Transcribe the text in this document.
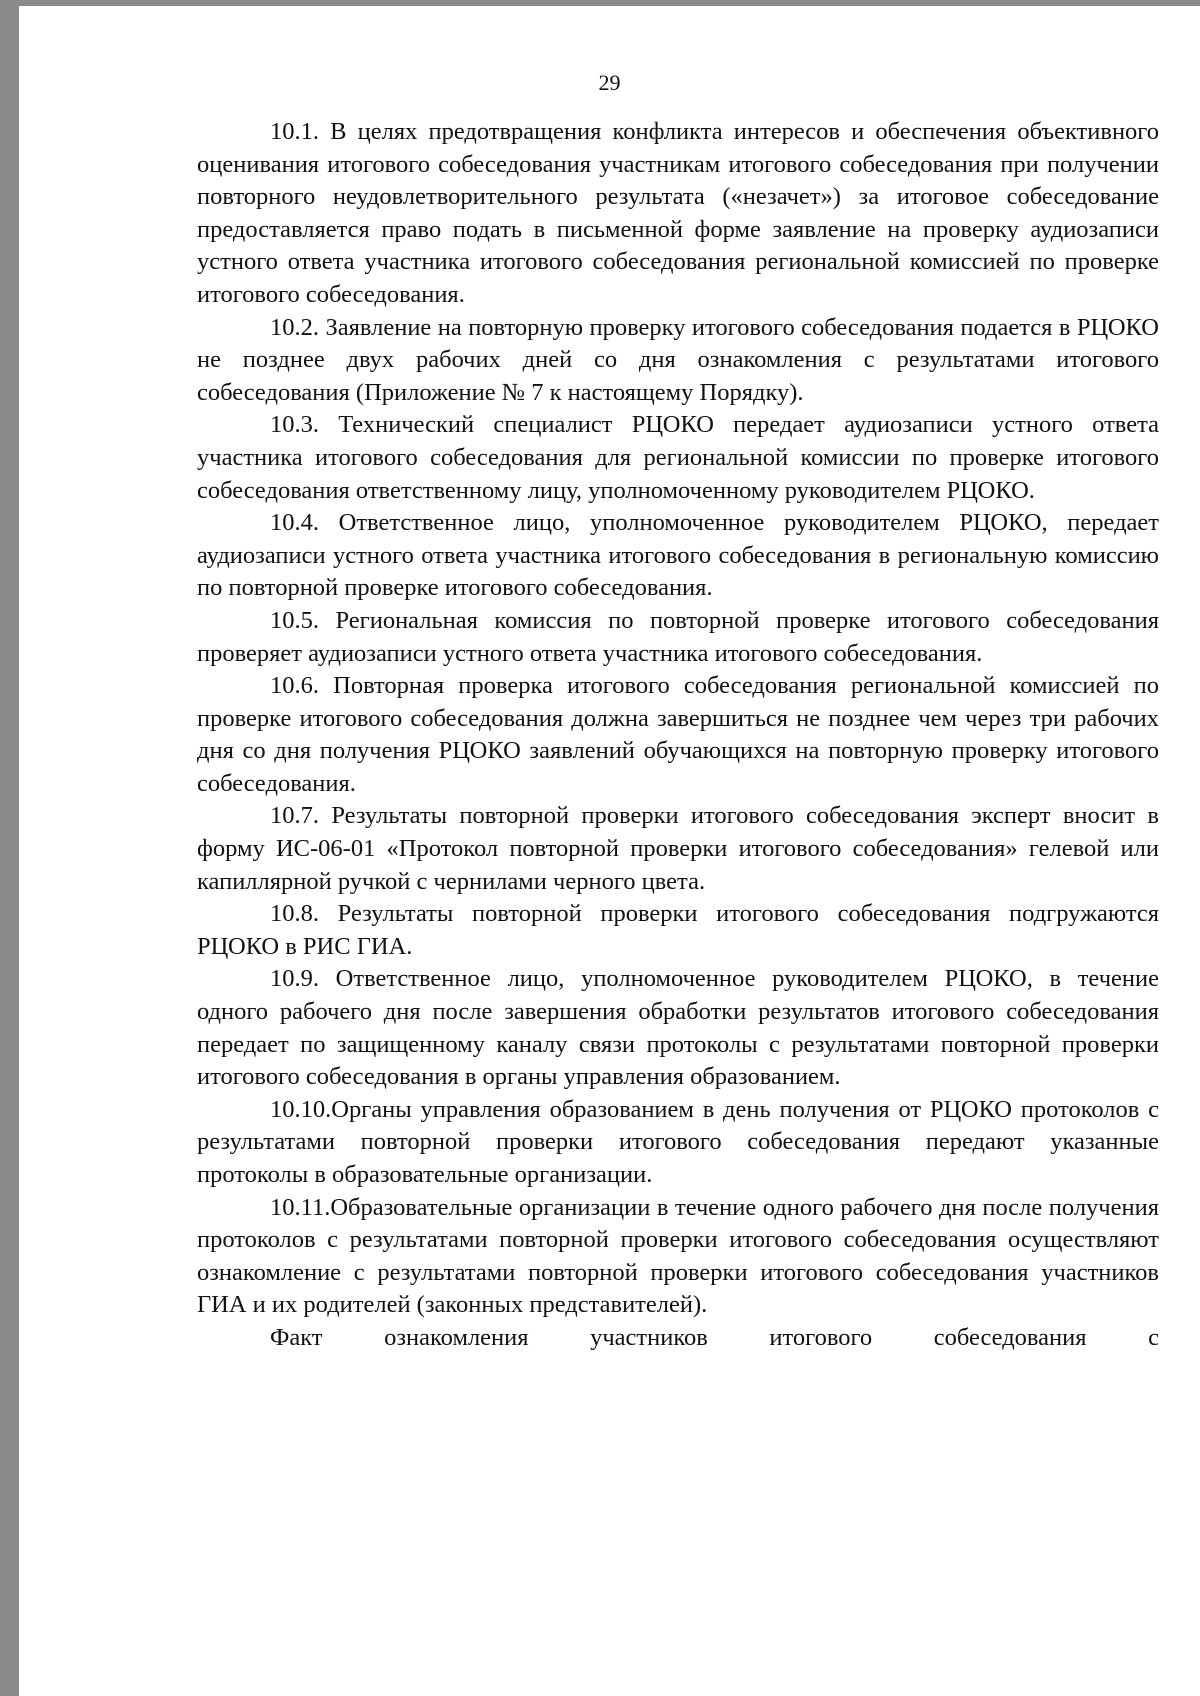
29

10.1. В целях предотвращения конфликта интересов и обеспечения объективного оценивания итогового собеседования участникам итогового собеседования при получении повторного неудовлетворительного результата («незачет») за итоговое собеседование предоставляется право подать в письменной форме заявление на проверку аудиозаписи устного ответа участника итогового собеседования региональной комиссией по проверке итогового собеседования.

10.2. Заявление на повторную проверку итогового собеседования подается в РЦОКО не позднее двух рабочих дней со дня ознакомления с результатами итогового собеседования (Приложение № 7 к настоящему Порядку).

10.3. Технический специалист РЦОКО передает аудиозаписи устного ответа участника итогового собеседования для региональной комиссии по проверке итогового собеседования ответственному лицу, уполномоченному руководителем РЦОКО.

10.4. Ответственное лицо, уполномоченное руководителем РЦОКО, передает аудиозаписи устного ответа участника итогового собеседования в региональную комиссию по повторной проверке итогового собеседования.

10.5. Региональная комиссия по повторной проверке итогового собеседования проверяет аудиозаписи устного ответа участника итогового собеседования.

10.6. Повторная проверка итогового собеседования региональной комиссией по проверке итогового собеседования должна завершиться не позднее чем через три рабочих дня со дня получения РЦОКО заявлений обучающихся на повторную проверку итогового собеседования.

10.7. Результаты повторной проверки итогового собеседования эксперт вносит в форму ИС-06-01 «Протокол повторной проверки итогового собеседования» гелевой или капиллярной ручкой с чернилами черного цвета.

10.8. Результаты повторной проверки итогового собеседования подгружаются РЦОКО в РИС ГИА.

10.9. Ответственное лицо, уполномоченное руководителем РЦОКО, в течение одного рабочего дня после завершения обработки результатов итогового собеседования передает по защищенному каналу связи протоколы с результатами повторной проверки итогового собеседования в органы управления образованием.

10.10.Органы управления образованием в день получения от РЦОКО протоколов с результатами повторной проверки итогового собеседования передают указанные протоколы в образовательные организации.

10.11.Образовательные организации в течение одного рабочего дня после получения протоколов с результатами повторной проверки итогового собеседования осуществляют ознакомление с результатами повторной проверки итогового собеседования участников ГИА и их родителей (законных представителей).

Факт ознакомления участников итогового собеседования с
